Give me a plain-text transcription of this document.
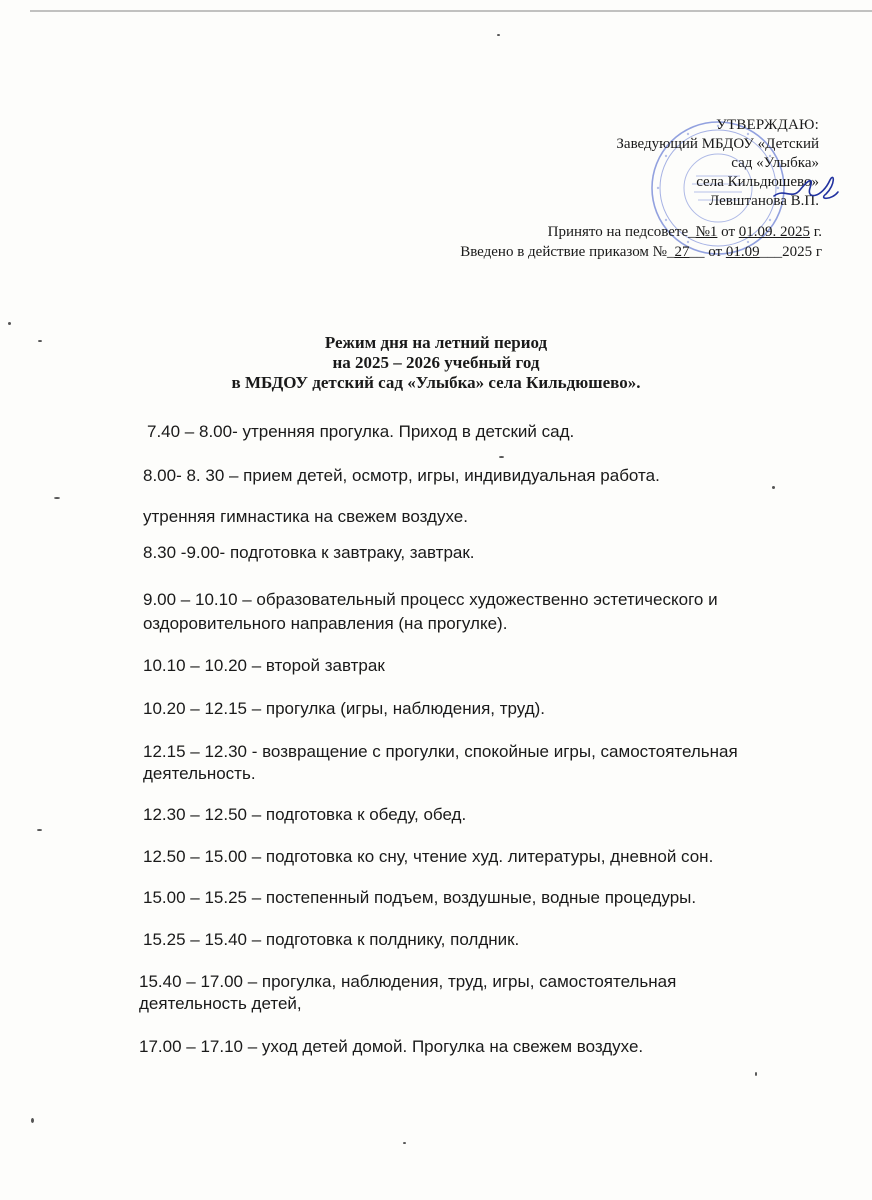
УТВЕРЖДАЮ:
Заведующий МБДОУ «Детский
сад «Улыбка»
села Кильдюшево»
Левштанова В.П.
Принято на педсовете_№1 от 01.09. 2025 г.
Введено в действие приказом №_27__ от 01.09___2025 г
Режим дня на летний период
на 2025 – 2026 учебный год
в МБДОУ детский сад «Улыбка» села Кильдюшево».
7.40 – 8.00- утренняя прогулка. Приход в детский сад.
8.00- 8. 30 – прием детей, осмотр, игры, индивидуальная работа.
утренняя гимнастика на свежем воздухе.
8.30 -9.00- подготовка к завтраку, завтрак.
9.00 – 10.10 – образовательный процесс художественно эстетического и
оздоровительного направления (на прогулке).
10.10 – 10.20 – второй завтрак
10.20 – 12.15 – прогулка (игры, наблюдения, труд).
12.15 – 12.30 - возвращение с прогулки, спокойные игры, самостоятельная
деятельность.
12.30 – 12.50 – подготовка к обеду, обед.
12.50 – 15.00 – подготовка ко сну, чтение худ. литературы, дневной сон.
15.00 – 15.25 – постепенный подъем, воздушные, водные процедуры.
15.25 – 15.40 – подготовка к полднику, полдник.
15.40 – 17.00 – прогулка, наблюдения, труд, игры, самостоятельная
деятельность детей,
17.00 – 17.10 – уход детей домой. Прогулка на свежем воздухе.
